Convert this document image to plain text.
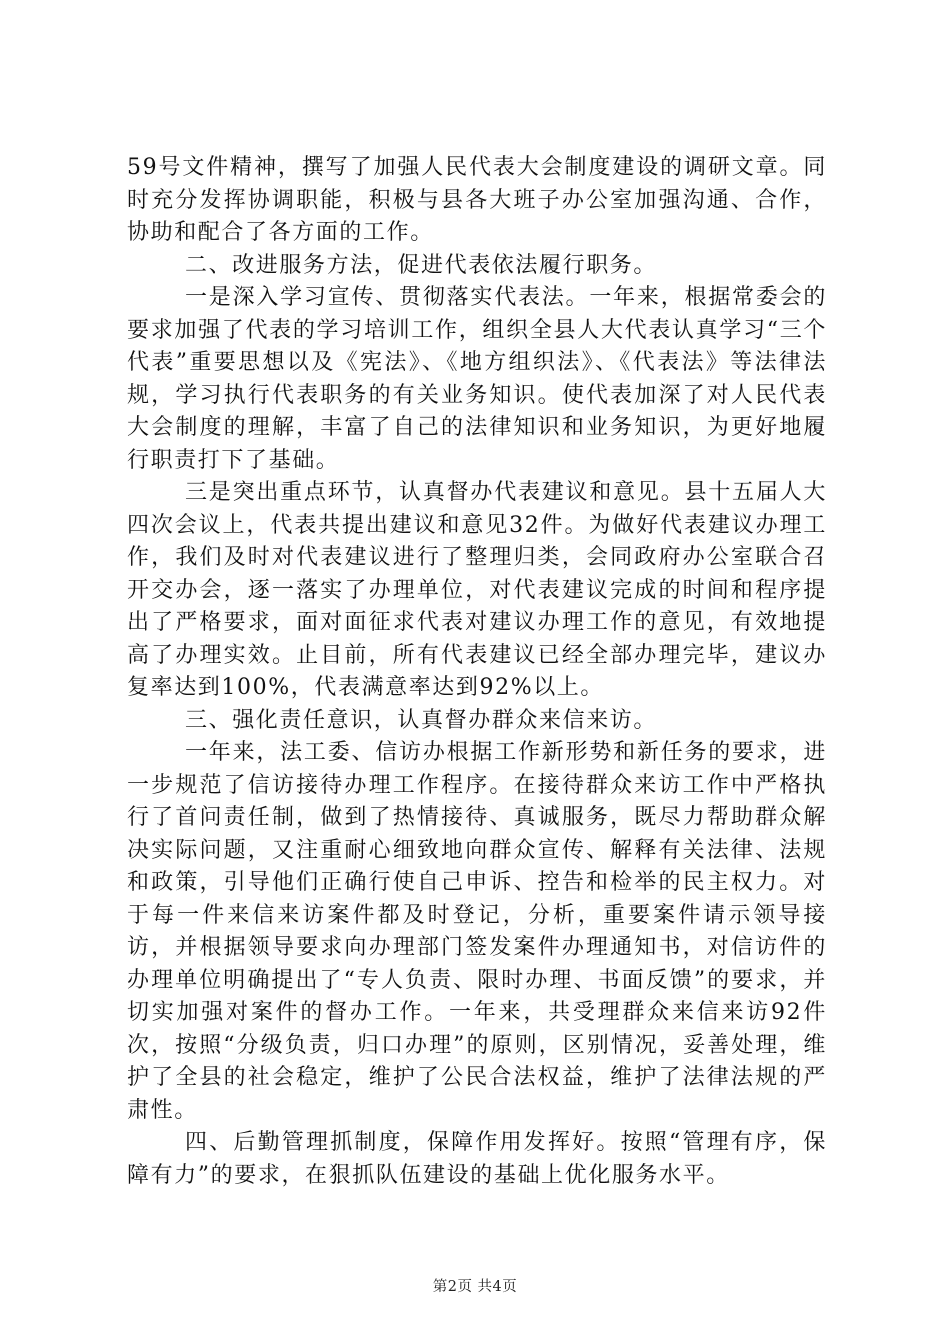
59号文件精神，撰写了加强人民代表大会制度建设的调研文章。同时充分发挥协调职能，积极与县各大班子办公室加强沟通、合作，协助和配合了各方面的工作。

二、改进服务方法，促进代表依法履行职务。

一是深入学习宣传、贯彻落实代表法。一年来，根据常委会的要求加强了代表的学习培训工作，组织全县人大代表认真学习“三个代表”重要思想以及《宪法》、《地方组织法》、《代表法》等法律法规，学习执行代表职务的有关业务知识。使代表加深了对人民代表大会制度的理解，丰富了自己的法律知识和业务知识，为更好地履行职责打下了基础。

三是突出重点环节，认真督办代表建议和意见。县十五届人大四次会议上，代表共提出建议和意见32件。为做好代表建议办理工作，我们及时对代表建议进行了整理归类，会同政府办公室联合召开交办会，逐一落实了办理单位，对代表建议完成的时间和程序提出了严格要求，面对面征求代表对建议办理工作的意见，有效地提高了办理实效。止目前，所有代表建议已经全部办理完毕，建议办复率达到100%，代表满意率达到92%以上。

三、强化责任意识，认真督办群众来信来访。

一年来，法工委、信访办根据工作新形势和新任务的要求，进一步规范了信访接待办理工作程序。在接待群众来访工作中严格执行了首问责任制，做到了热情接待、真诚服务，既尽力帮助群众解决实际问题，又注重耐心细致地向群众宣传、解释有关法律、法规和政策，引导他们正确行使自己申诉、控告和检举的民主权力。对于每一件来信来访案件都及时登记，分析，重要案件请示领导接访，并根据领导要求向办理部门签发案件办理通知书，对信访件的办理单位明确提出了“专人负责、限时办理、书面反馈”的要求，并切实加强对案件的督办工作。一年来，共受理群众来信来访92件次，按照“分级负责，归口办理”的原则，区别情况，妥善处理，维护了全县的社会稳定，维护了公民合法权益，维护了法律法规的严肃性。

四、后勤管理抓制度，保障作用发挥好。按照“管理有序，保障有力”的要求，在狠抓队伍建设的基础上优化服务水平。

第2页 共4页
